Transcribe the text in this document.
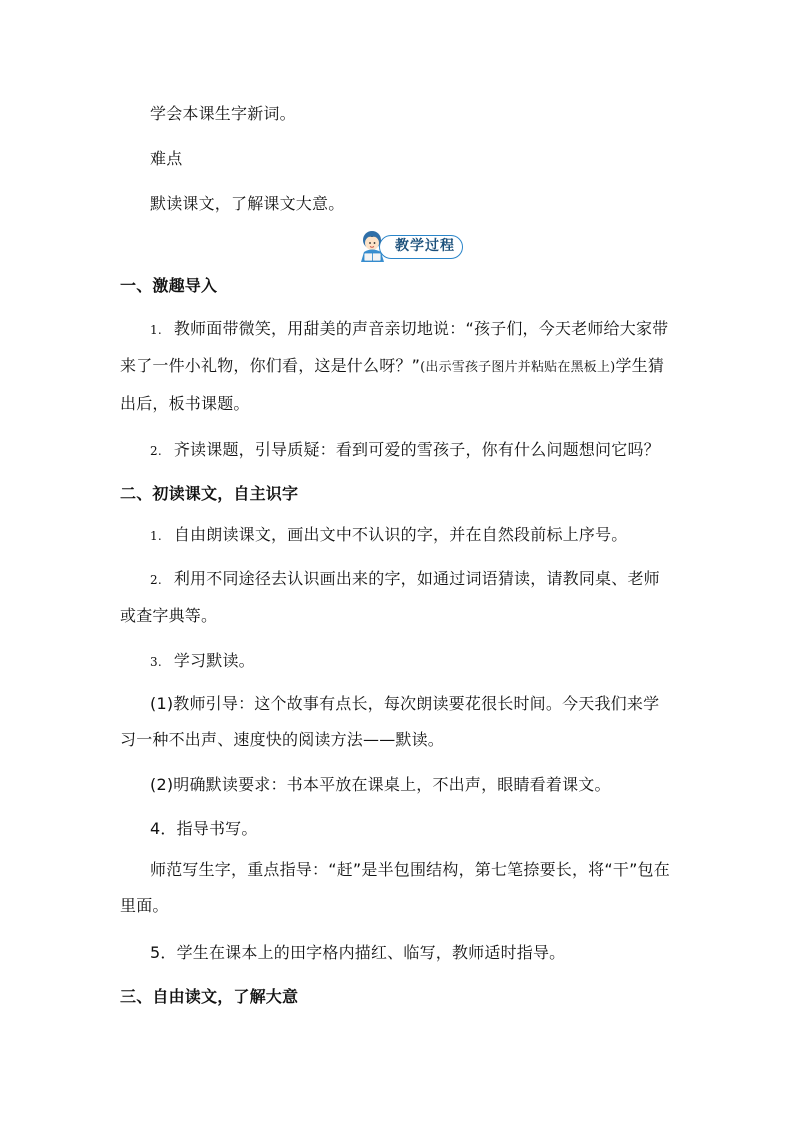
学会本课生字新词。
难点
默读课文，了解课文大意。
教学过程
一、激趣导入
1. 教师面带微笑，用甜美的声音亲切地说：“孩子们，今天老师给大家带来了一件小礼物，你们看，这是什么呀？”(出示雪孩子图片并粘贴在黑板上)学生猜出后，板书课题。
2. 齐读课题，引导质疑：看到可爱的雪孩子，你有什么问题想问它吗？
二、初读课文，自主识字
1. 自由朗读课文，画出文中不认识的字，并在自然段前标上序号。
2. 利用不同途径去认识画出来的字，如通过词语猜读，请教同桌、老师或查字典等。
3. 学习默读。
(1)教师引导：这个故事有点长，每次朗读要花很长时间。今天我们来学习一种不出声、速度快的阅读方法——默读。
(2)明确默读要求：书本平放在课桌上，不出声，眼睛看着课文。
4．指导书写。
师范写生字，重点指导：“赶”是半包围结构，第七笔捺要长，将“干”包在里面。
5．学生在课本上的田字格内描红、临写，教师适时指导。
三、自由读文，了解大意
